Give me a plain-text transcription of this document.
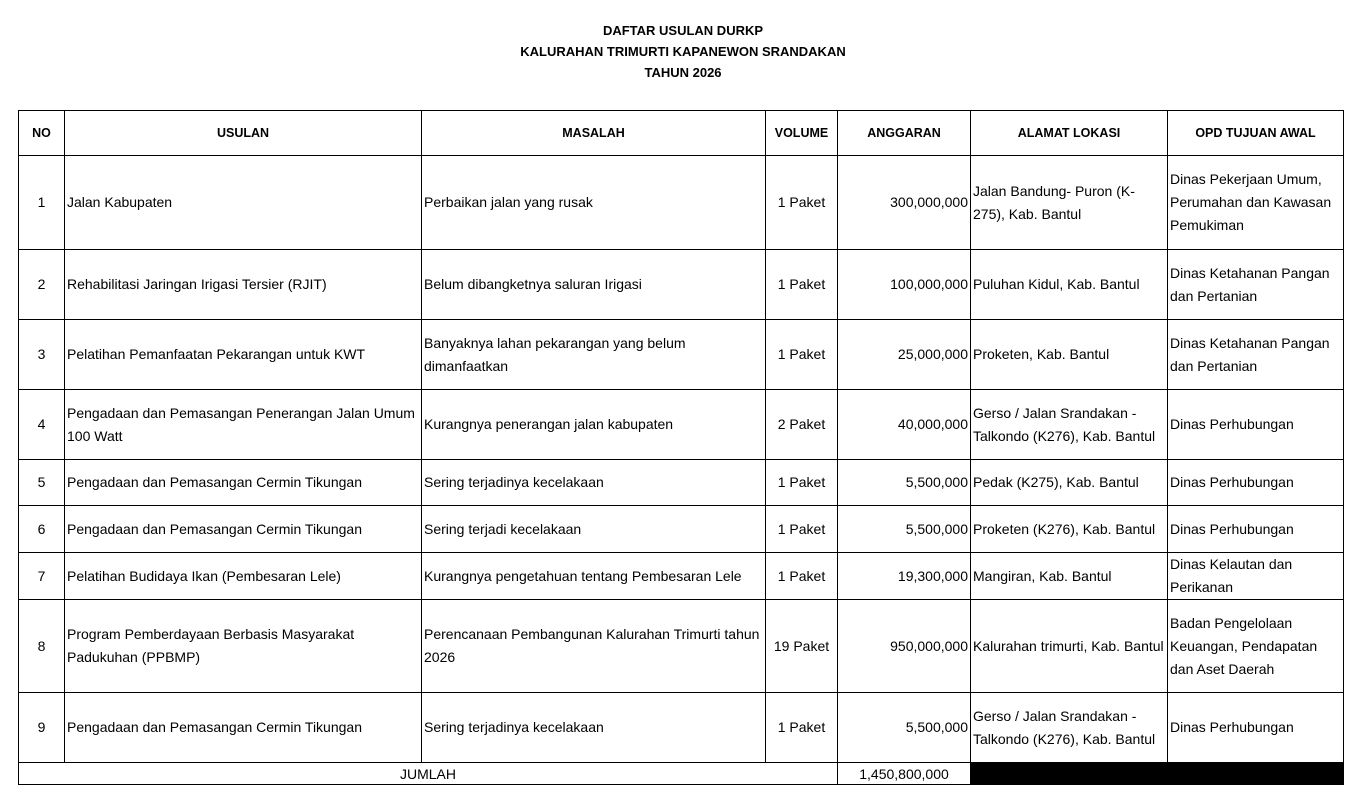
DAFTAR USULAN DURKP
KALURAHAN TRIMURTI KAPANEWON SRANDAKAN
TAHUN 2026
NO	USULAN	MASALAH	VOLUME	ANGGARAN	ALAMAT LOKASI	OPD TUJUAN AWAL
1	Jalan Kabupaten	Perbaikan jalan yang rusak	1 Paket	300,000,000	Jalan Bandung- Puron (K-275), Kab. Bantul	Dinas Pekerjaan Umum, Perumahan dan Kawasan Pemukiman
2	Rehabilitasi Jaringan Irigasi Tersier (RJIT)	Belum dibangketnya saluran Irigasi	1 Paket	100,000,000	Puluhan Kidul, Kab. Bantul	Dinas Ketahanan Pangan dan Pertanian
3	Pelatihan Pemanfaatan Pekarangan untuk KWT	Banyaknya lahan pekarangan yang belum dimanfaatkan	1 Paket	25,000,000	Proketen, Kab. Bantul	Dinas Ketahanan Pangan dan Pertanian
4	Pengadaan dan Pemasangan Penerangan Jalan Umum 100 Watt	Kurangnya penerangan jalan kabupaten	2 Paket	40,000,000	Gerso / Jalan Srandakan - Talkondo (K276), Kab. Bantul	Dinas Perhubungan
5	Pengadaan dan Pemasangan Cermin Tikungan	Sering terjadinya kecelakaan	1 Paket	5,500,000	Pedak (K275), Kab. Bantul	Dinas Perhubungan
6	Pengadaan dan Pemasangan Cermin Tikungan	Sering terjadi kecelakaan	1 Paket	5,500,000	Proketen (K276), Kab. Bantul	Dinas Perhubungan
7	Pelatihan Budidaya Ikan (Pembesaran Lele)	Kurangnya pengetahuan tentang Pembesaran Lele	1 Paket	19,300,000	Mangiran, Kab. Bantul	Dinas Kelautan dan Perikanan
8	Program Pemberdayaan Berbasis Masyarakat Padukuhan (PPBMP)	Perencanaan Pembangunan Kalurahan Trimurti tahun 2026	19 Paket	950,000,000	Kalurahan trimurti, Kab. Bantul	Badan Pengelolaan Keuangan, Pendapatan dan Aset Daerah
9	Pengadaan dan Pemasangan Cermin Tikungan	Sering terjadinya kecelakaan	1 Paket	5,500,000	Gerso / Jalan Srandakan - Talkondo (K276), Kab. Bantul	Dinas Perhubungan
JUMLAH				1,450,800,000		
